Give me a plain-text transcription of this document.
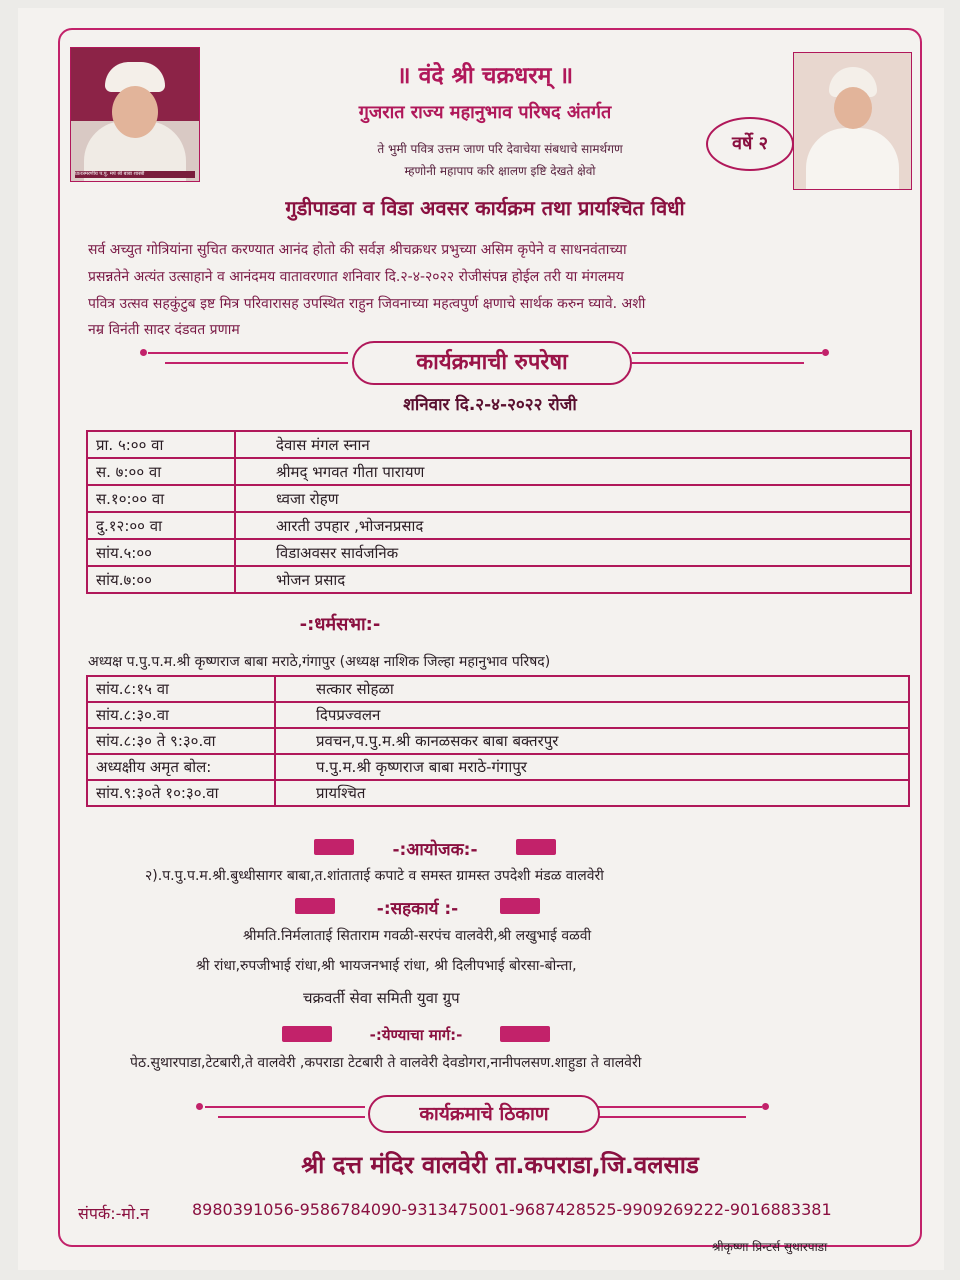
प्रातःस्मरणीय प.पु. मपं श्री बाबा शास्त्री
॥ वंदे श्री चक्रधरम् ॥
गुजरात राज्य महानुभाव परिषद अंतर्गत
ते भुमी पवित्र उत्तम जाण परि देवाचेया संबधाचे सामर्थगण
म्हणोनी महापाप करि क्षालण इष्टि देखते क्षेवो
वर्षे २
गुडीपाडवा व विडा अवसर कार्यक्रम तथा प्रायश्चित विधी
सर्व अच्युत गोत्रियांना सुचित करण्यात आनंद होतो की सर्वज्ञ श्रीचक्रधर प्रभुच्या असिम कृपेने व साधनवंताच्या
प्रसन्नतेने अत्यंत उत्साहाने व आनंदमय वातावरणात शनिवार दि.२-४-२०२२ रोजीसंपन्न होईल तरी या मंगलमय
पवित्र उत्सव सहकुंटुब इष्ट मित्र परिवारासह उपस्थित राहुन जिवनाच्या महत्वपुर्ण क्षणाचे सार्थक करुन घ्यावे. अशी
नम्र विनंती सादर दंडवत प्रणाम
कार्यक्रमाची रुपरेषा
शनिवार दि.२-४-२०२२ रोजी
प्रा. ५:०० वा	देवास मंगल स्नान
स. ७:०० वा	श्रीमद् भगवत गीता पारायण
स.१०:०० वा	ध्वजा रोहण
दु.१२:०० वा	आरती उपहार ,भोजनप्रसाद
सांय.५:००	विडाअवसर सार्वजनिक
सांय.७:००	भोजन प्रसाद
-:धर्मसभा:-
अध्यक्ष प.पु.प.म.श्री कृष्णराज बाबा मराठे,गंगापुर (अध्यक्ष नाशिक जिल्हा महानुभाव परिषद)
सांय.८:१५ वा	सत्कार सोहळा
सांय.८:३०.वा	दिपप्रज्वलन
सांय.८:३० ते ९:३०.वा	प्रवचन,प.पु.म.श्री कानळसकर बाबा बक्तरपुर
अध्यक्षीय अमृत बोल:	प.पु.म.श्री कृष्णराज बाबा मराठे-गंगापुर
सांय.९:३०ते १०:३०.वा	प्रायश्चित
-:आयोजक:-
२).प.पु.प.म.श्री.बुध्धीसागर बाबा,त.शांताताई कपाटे व समस्त ग्रामस्त उपदेशी मंडळ वालवेरी
-:सहकार्य :-
श्रीमति.निर्मलाताई सिताराम गवळी-सरपंच वालवेरी,श्री लखुभाई वळवी
श्री रांधा,रुपजीभाई रांधा,श्री भायजनभाई रांधा, श्री दिलीपभाई बोरसा-बोन्ता,
चक्रवर्ती सेवा समिती युवा ग्रुप
-:येण्याचा मार्ग:-
पेठ.सुथारपाडा,टेटबारी,ते वालवेरी ,कपराडा टेटबारी ते वालवेरी देवडोगरा,नानीपलसण.शाहुडा ते वालवेरी
कार्यक्रमाचे ठिकाण
श्री दत्त मंदिर वालवेरी ता.कपराडा,जि.वलसाड
संपर्क:-मो.न	8980391056-9586784090-9313475001-9687428525-9909269222-9016883381
श्रीकृष्णा प्रिन्टर्स सुथारपाडा
